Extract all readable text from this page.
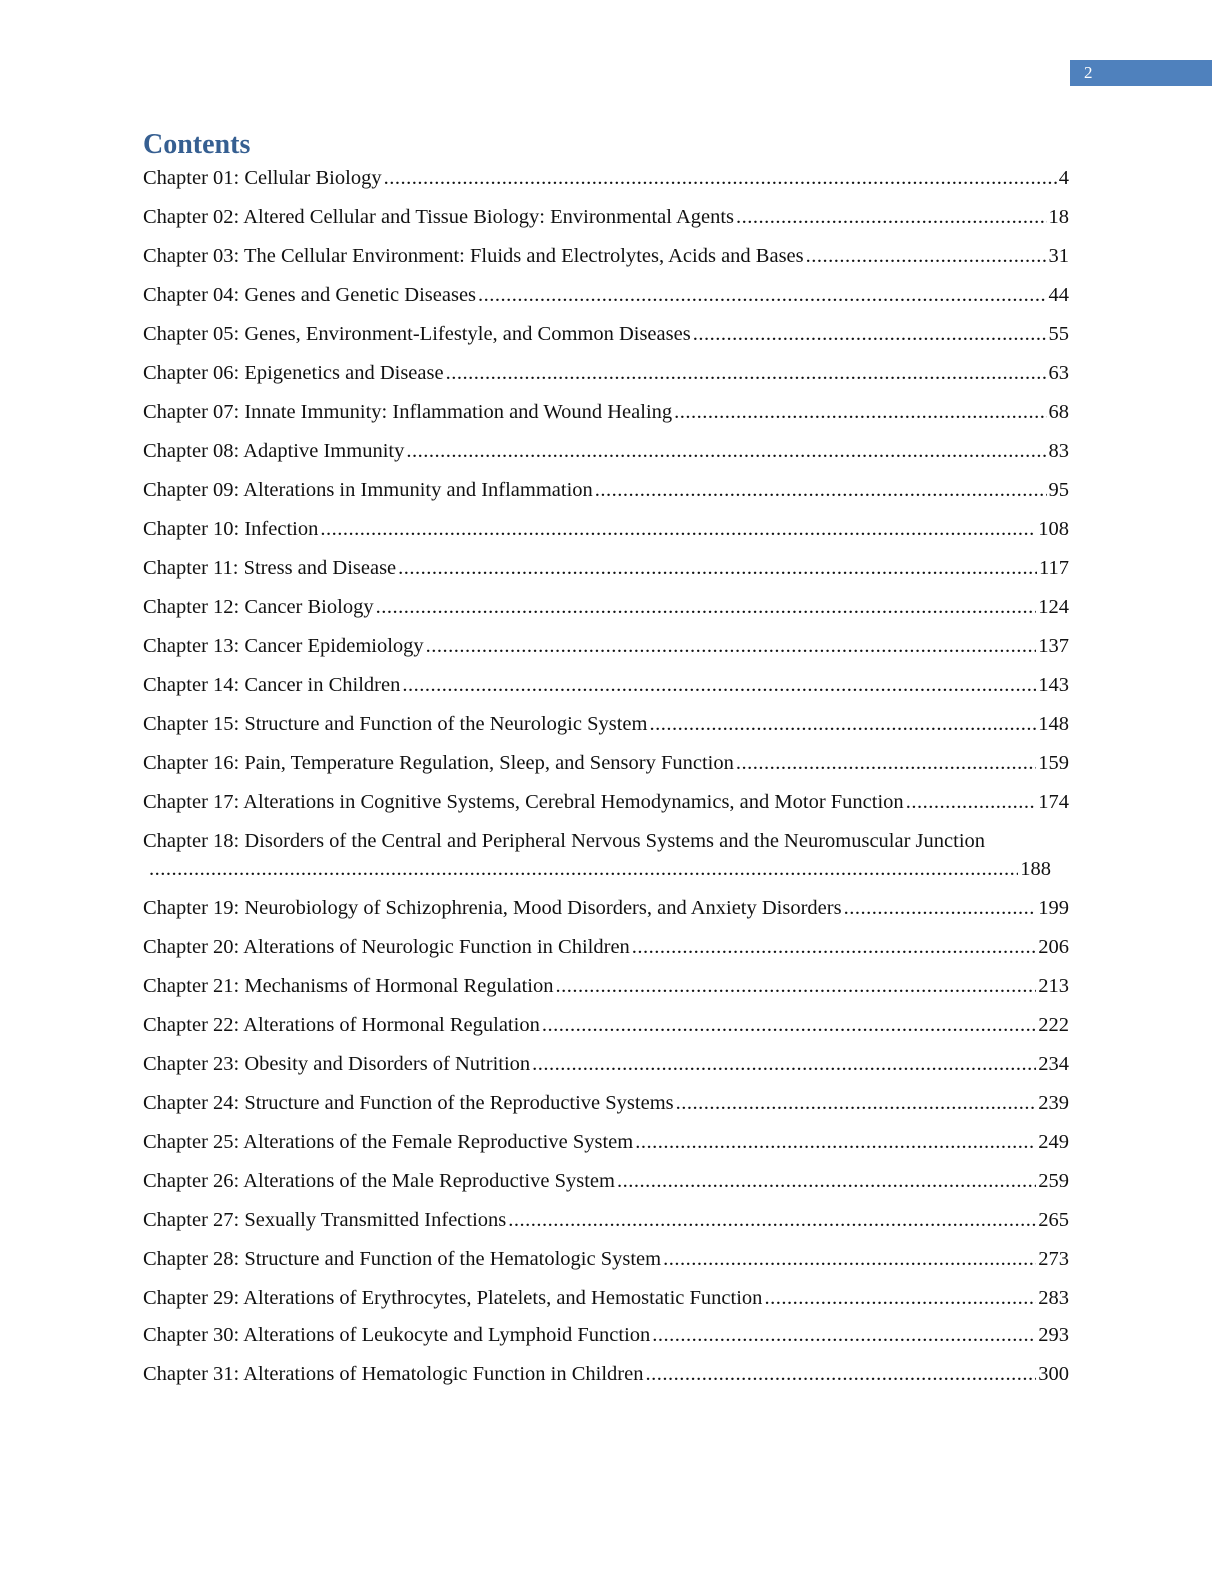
2
Contents
Chapter 01: Cellular Biology .....	4
Chapter 02: Altered Cellular and Tissue Biology: Environmental Agents .....	18
Chapter 03: The Cellular Environment: Fluids and Electrolytes, Acids and Bases .....	31
Chapter 04: Genes and Genetic Diseases .....	44
Chapter 05: Genes, Environment-Lifestyle, and Common Diseases .....	55
Chapter 06: Epigenetics and Disease .....	63
Chapter 07: Innate Immunity: Inflammation and Wound Healing .....	68
Chapter 08: Adaptive Immunity .....	83
Chapter 09: Alterations in Immunity and Inflammation .....	95
Chapter 10: Infection .....	108
Chapter 11: Stress and Disease .....	117
Chapter 12: Cancer Biology .....	124
Chapter 13: Cancer Epidemiology .....	137
Chapter 14: Cancer in Children .....	143
Chapter 15: Structure and Function of the Neurologic System .....	148
Chapter 16: Pain, Temperature Regulation, Sleep, and Sensory Function .....	159
Chapter 17: Alterations in Cognitive Systems, Cerebral Hemodynamics, and Motor Function .....	174
Chapter 18: Disorders of the Central and Peripheral Nervous Systems and the Neuromuscular Junction
.....
188
Chapter 19: Neurobiology of Schizophrenia, Mood Disorders, and Anxiety Disorders .....	199
Chapter 20: Alterations of Neurologic Function in Children .....	206
Chapter 21: Mechanisms of Hormonal Regulation .....	213
Chapter 22: Alterations of Hormonal Regulation .....	222
Chapter 23: Obesity and Disorders of Nutrition .....	234
Chapter 24: Structure and Function of the Reproductive Systems .....	239
Chapter 25: Alterations of the Female Reproductive System .....	249
Chapter 26: Alterations of the Male Reproductive System .....	259
Chapter 27: Sexually Transmitted Infections .....	265
Chapter 28: Structure and Function of the Hematologic System .....	273
Chapter 29: Alterations of Erythrocytes, Platelets, and Hemostatic Function .....	283
Chapter 30: Alterations of Leukocyte and Lymphoid Function .....	293
Chapter 31: Alterations of Hematologic Function in Children .....	300
